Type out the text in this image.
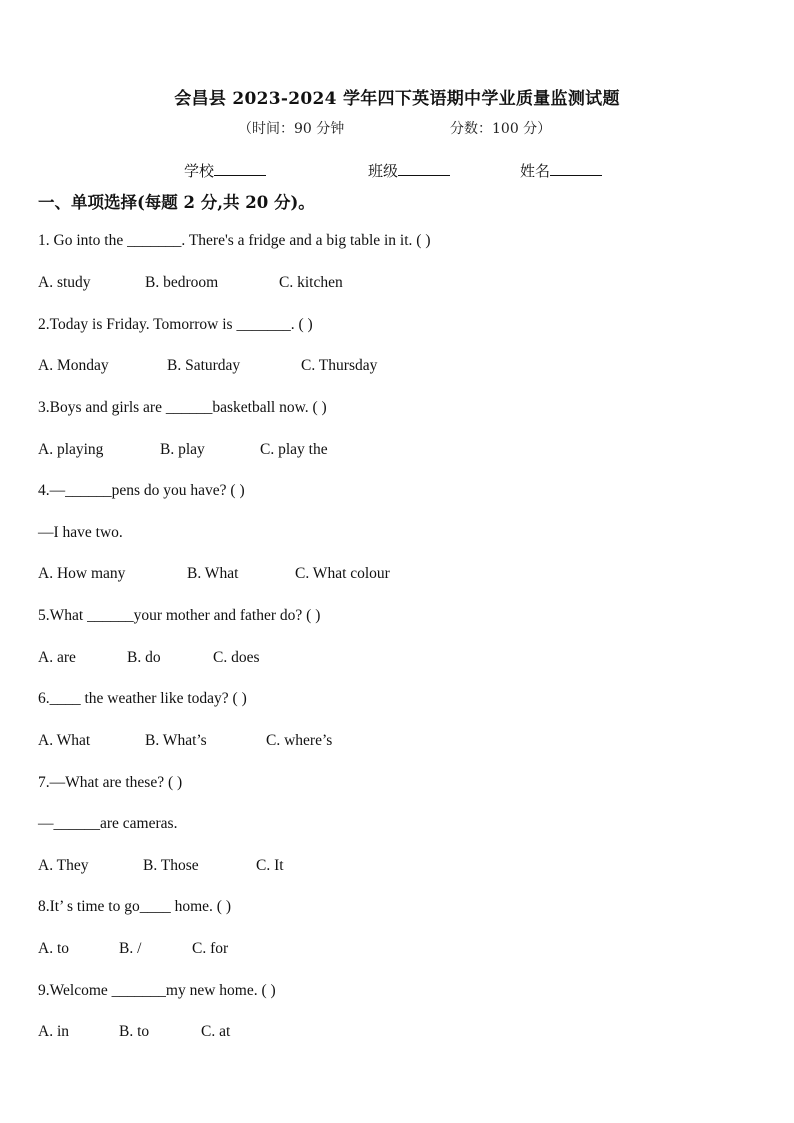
会昌县 2023-2024 学年四下英语期中学业质量监测试题
（时间：90 分钟	分数：100 分）
学校	班级	姓名
一、单项选择(每题 2 分,共 20 分)。
1. Go into the _______. There's a fridge and a big table in it. ( )
A. study	B. bedroom	C. kitchen
2.Today is Friday. Tomorrow is _______. ( )
A. Monday	B. Saturday	C. Thursday
3.Boys and girls are ______basketball now. ( )
A. playing	B. play	C. play the
4.—______pens do you have? ( )
—I have two.
A. How many	B. What	C. What colour
5.What ______your mother and father do? ( )
A. are	B. do	C. does
6.____ the weather like today? ( )
A. What	B. What’s	C. where’s
7.—What are these? ( )
—______are cameras.
A. They	B. Those	C. It
8.It’ s time to go____ home. ( )
A. to	B. /	C. for
9.Welcome _______my new home. ( )
A. in	B. to	C. at
